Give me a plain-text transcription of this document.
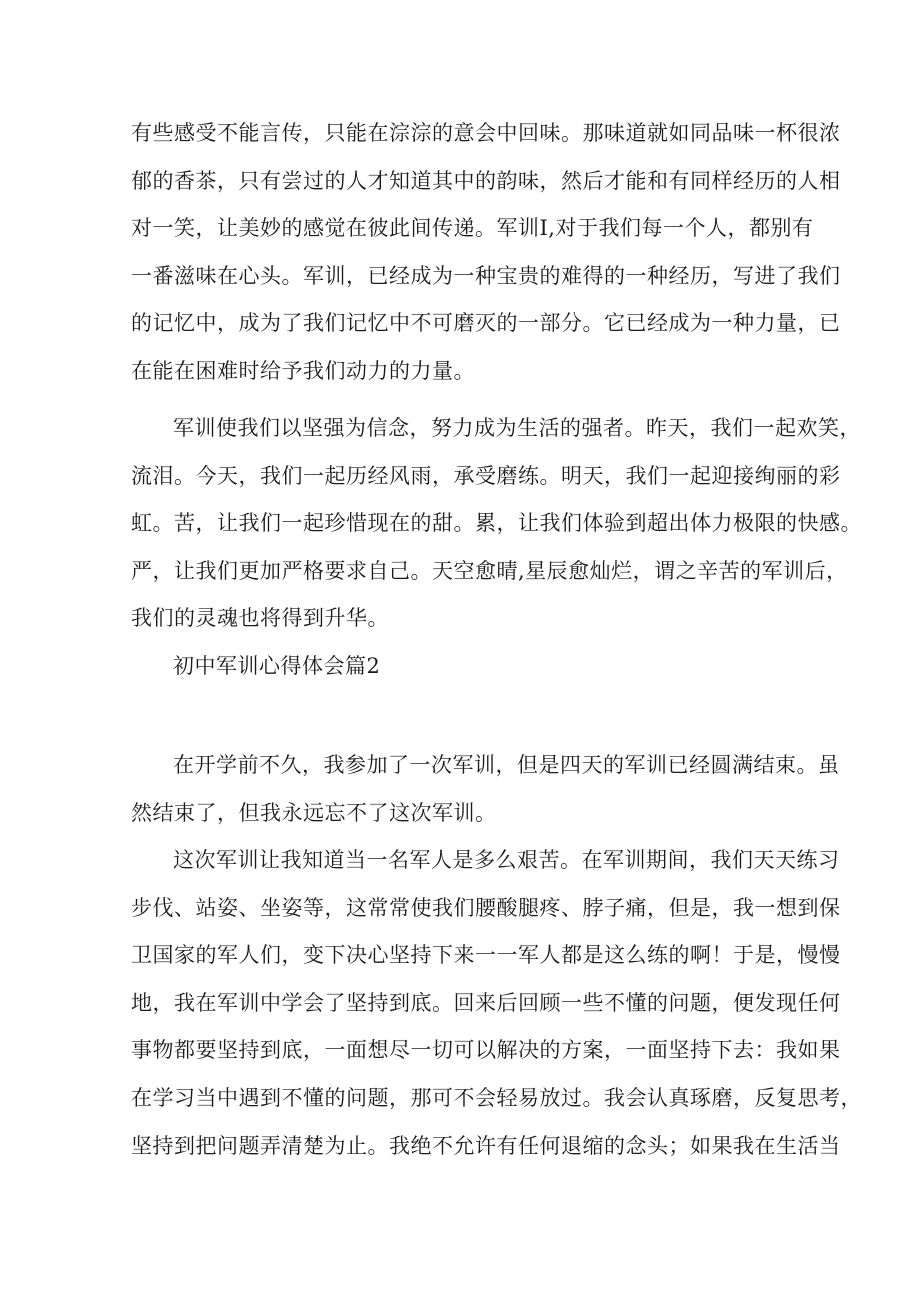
有些感受不能言传，只能在淙淙的意会中回味。那味道就如同品味一杯很浓
郁的香茶，只有尝过的人才知道其中的韵味，然后才能和有同样经历的人相
对一笑，让美妙的感觉在彼此间传递。军训Ⅰ,对于我们每一个人，都别有
一番滋味在心头。军训，已经成为一种宝贵的难得的一种经历，写进了我们
的记忆中，成为了我们记忆中不可磨灭的一部分。它已经成为一种力量，已
在能在困难时给予我们动力的力量。
军训使我们以坚强为信念，努力成为生活的强者。昨天，我们一起欢笑，
流泪。今天，我们一起历经风雨，承受磨练。明天，我们一起迎接绚丽的彩
虹。苦，让我们一起珍惜现在的甜。累，让我们体验到超出体力极限的快感。
严，让我们更加严格要求自己。天空愈晴,星辰愈灿烂，谓之辛苦的军训后，
我们的灵魂也将得到升华。
初中军训心得体会篇2
在开学前不久，我参加了一次军训，但是四天的军训已经圆满结束。虽
然结束了，但我永远忘不了这次军训。
这次军训让我知道当一名军人是多么艰苦。在军训期间，我们天天练习
步伐、站姿、坐姿等，这常常使我们腰酸腿疼、脖子痛，但是，我一想到保
卫国家的军人们，变下决心坚持下来一一军人都是这么练的啊！于是，慢慢
地，我在军训中学会了坚持到底。回来后回顾一些不懂的问题，便发现任何
事物都要坚持到底，一面想尽一切可以解决的方案，一面坚持下去：我如果
在学习当中遇到不懂的问题，那可不会轻易放过。我会认真琢磨，反复思考，
坚持到把问题弄清楚为止。我绝不允许有任何退缩的念头；如果我在生活当
